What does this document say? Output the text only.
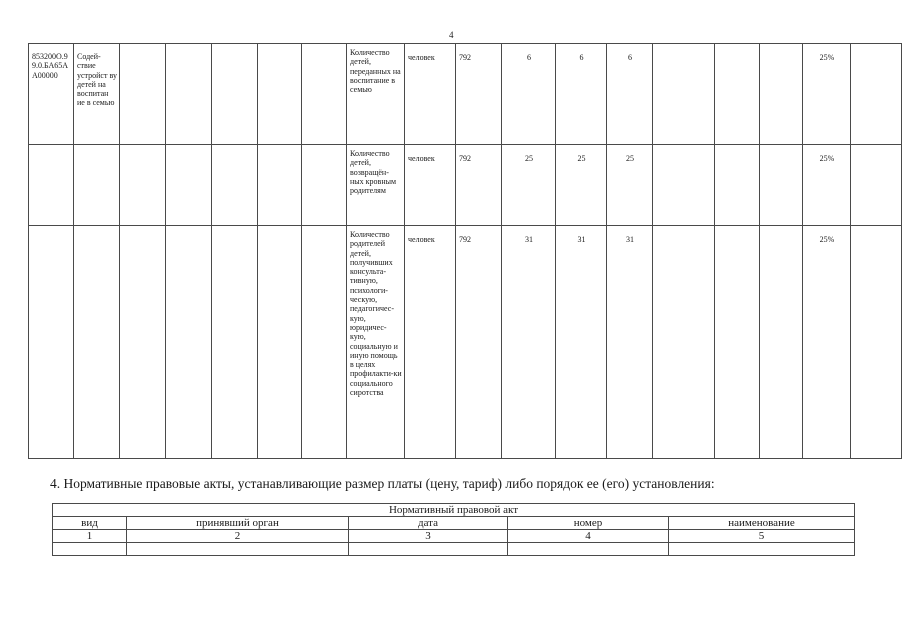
4
853200О.99.0.БА65АА00000	Содей-ствие устройст ву детей на воспитан ие в семью						Количество детей, переданных на воспитание в семью	человек	792	6	6	6				25%	
							Количество детей, возвращён-ных кровным родителям	человек	792	25	25	25				25%	
							Количество родителей детей, получивших консульта-тивную, психологи-ческую, педагогичес-кую, юридичес-кую, социальную и иную помощь в целях профилакти-ки социального сиротства	человек	792	31	31	31				25%	
4. Нормативные правовые акты, устанавливающие размер платы (цену, тариф) либо порядок ее (его) установления:
Нормативный правовой акт				
вид	принявший орган	дата	номер	наименование
1	2	3	4	5
